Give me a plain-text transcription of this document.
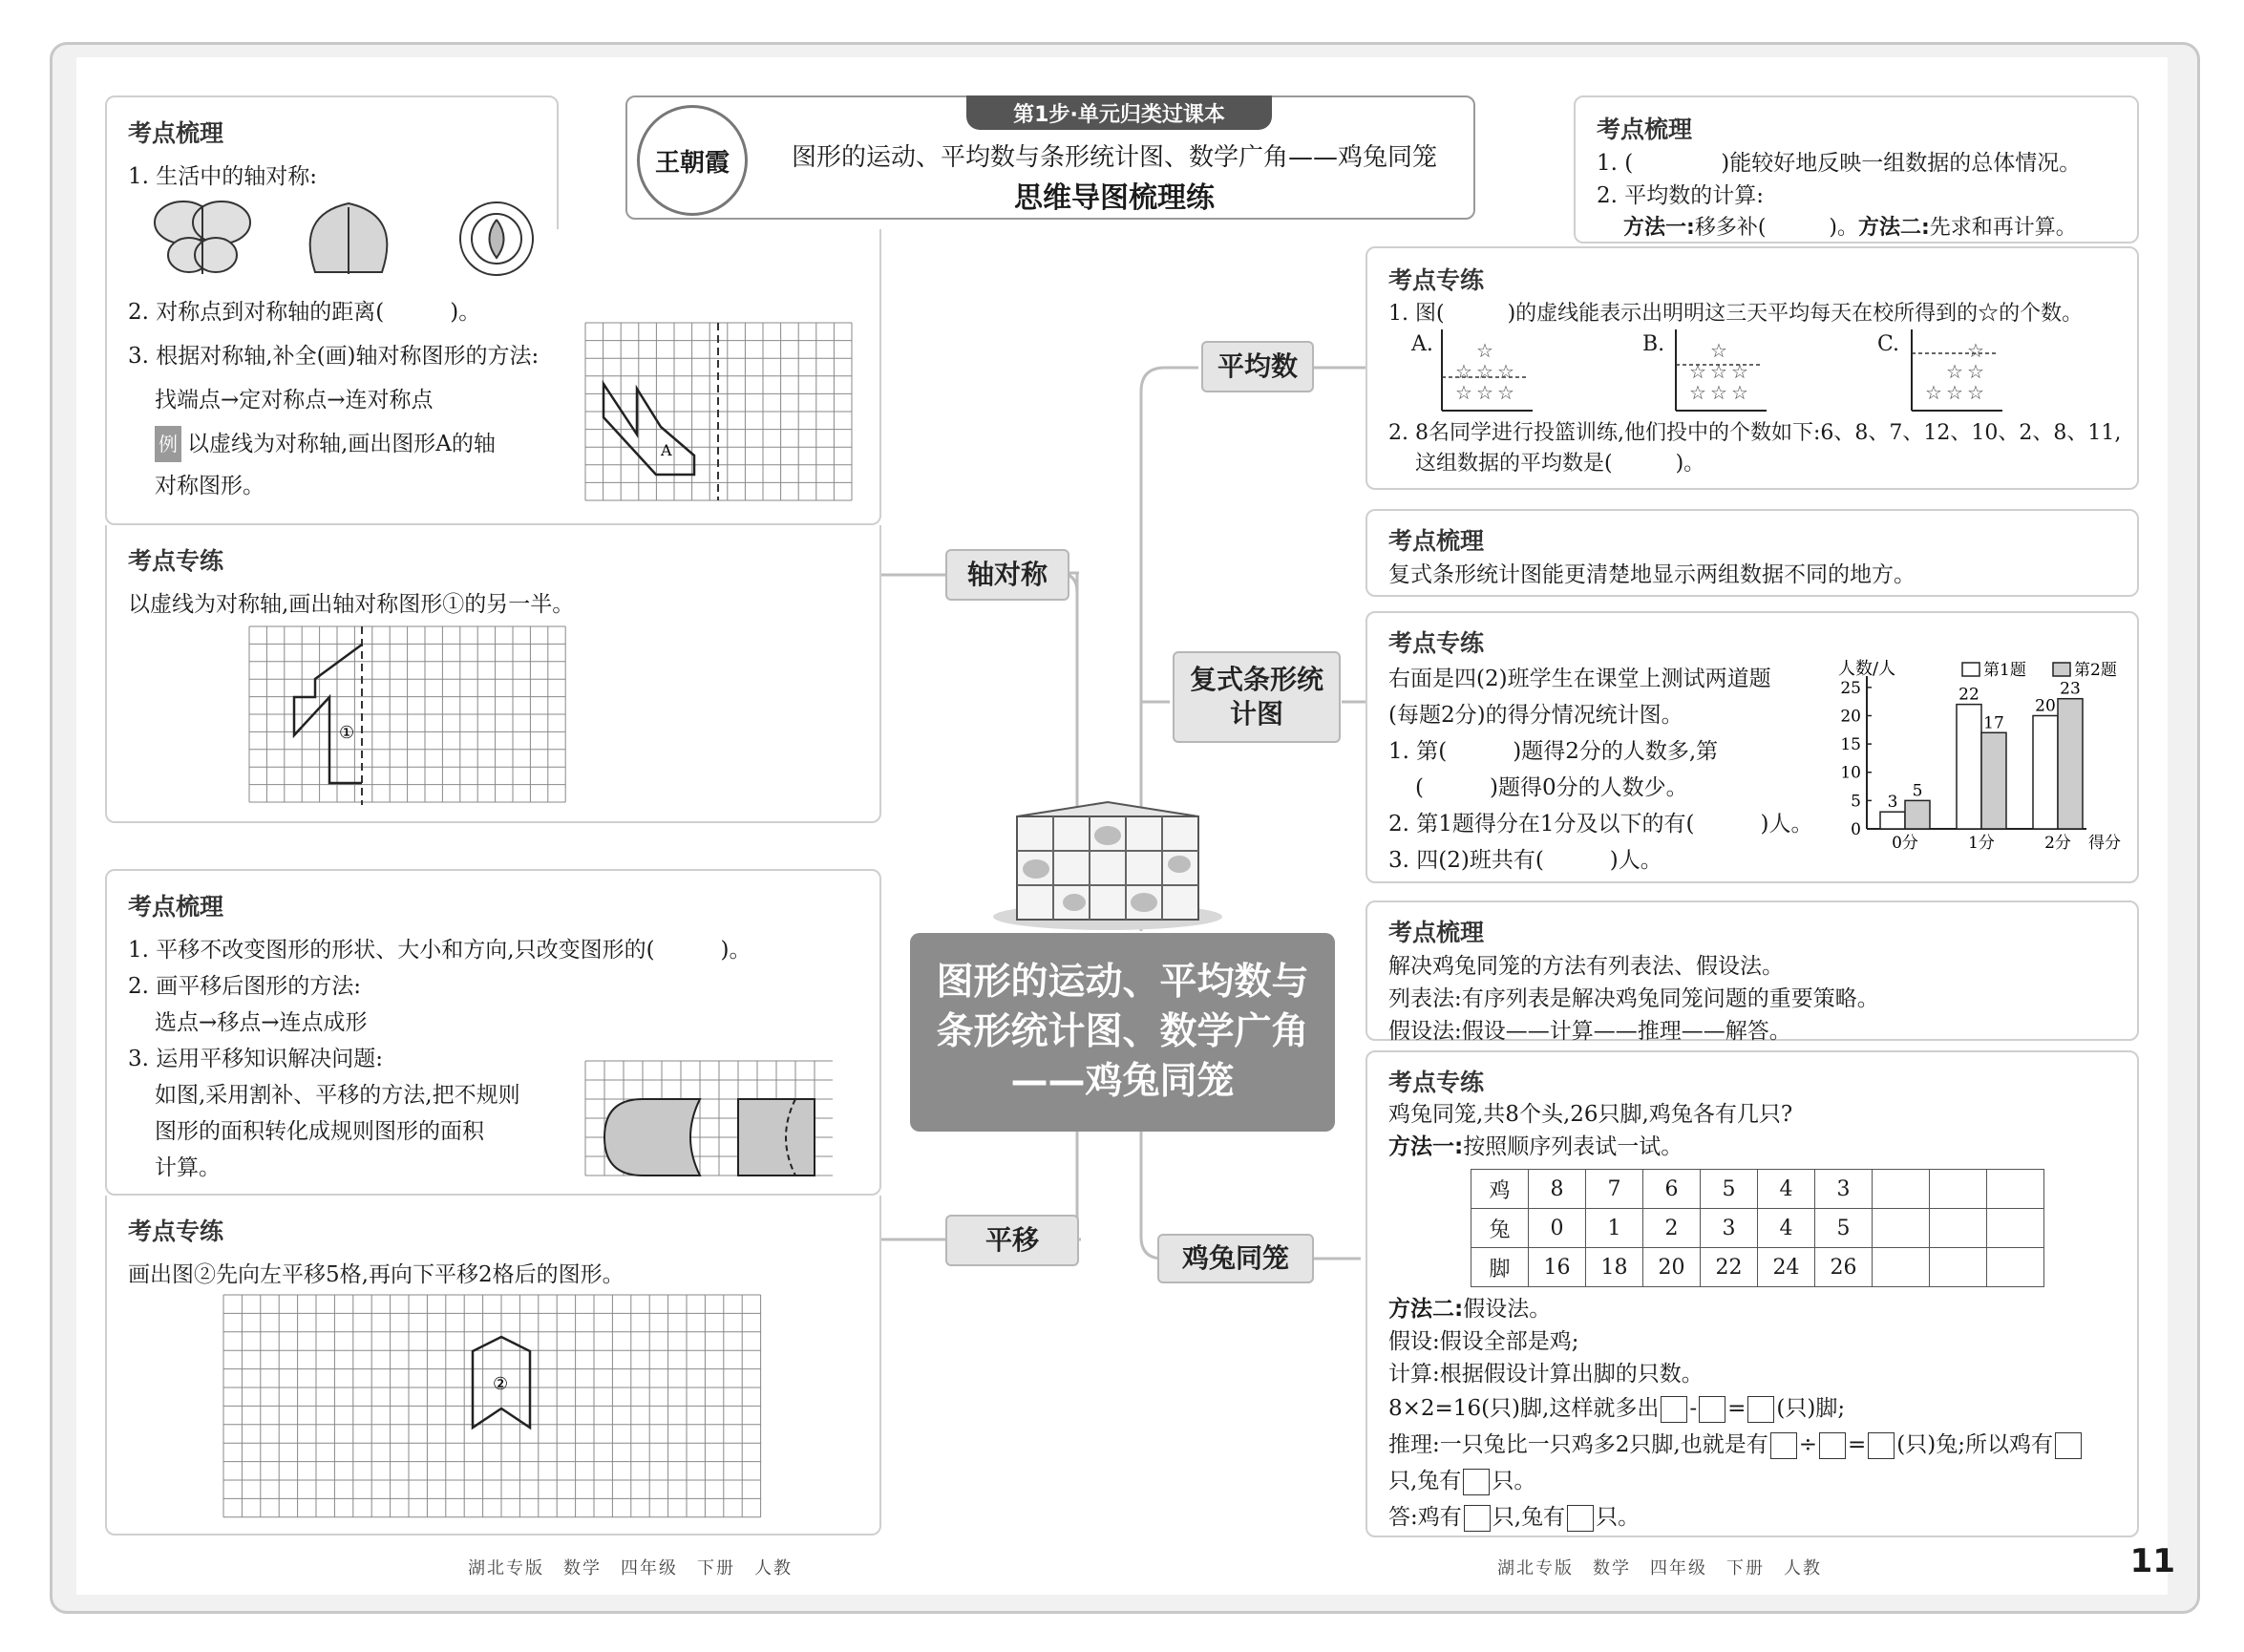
王朝霞
第1步·单元归类过课本
图形的运动、平均数与条形统计图、数学广角——鸡兔同笼
思维导图梳理练
考点梳理
1. 生活中的轴对称:
2. 对称点到对称轴的距离(　　　)。
3. 根据对称轴,补全(画)轴对称图形的方法:
找端点→定对称点→连对称点
例 以虚线为对称轴,画出图形A的轴
对称图形。
A
考点专练
以虚线为对称轴,画出轴对称图形①的另一半。
①
考点梳理
1. 平移不改变图形的形状、大小和方向,只改变图形的(　　　)。
2. 画平移后图形的方法:
选点→移点→连点成形
3. 运用平移知识解决问题:
如图,采用割补、平移的方法,把不规则
图形的面积转化成规则图形的面积
计算。
考点专练
画出图②先向左平移5格,再向下平移2格后的图形。
②
轴对称
平移
平均数
复式条形统计图
鸡兔同笼
图形的运动、平均数与条形统计图、数学广角——鸡兔同笼
考点梳理
1. (　　　　)能较好地反映一组数据的总体情况。
2. 平均数的计算:
方法一:移多补(　　　)。方法二:先求和再计算。
考点专练
1. 图(　　　)的虚线能表示出明明这三天平均每天在校所得到的☆的个数。
2. 8名同学进行投篮训练,他们投中的个数如下:6、8、7、12、10、2、8、11,
这组数据的平均数是(　　　)。
☆
☆ ☆ ☆
☆ ☆ ☆
☆
☆ ☆ ☆
☆ ☆ ☆
☆
☆ ☆
☆ ☆ ☆
A.	B.	C.
考点梳理
复式条形统计图能更清楚地显示两组数据不同的地方。
考点专练
右面是四(2)班学生在课堂上测试两道题
(每题2分)的得分情况统计图。
1. 第(　　　)题得2分的人数多,第
(　　　)题得0分的人数少。
2. 第1题得分在1分及以下的有(　　　)人。
3. 四(2)班共有(　　　)人。
人数/人
0
5
10
15
20
25
3
5
0分
22
17
1分
20
23
2分 得分
第1题	第2题
考点梳理
解决鸡兔同笼的方法有列表法、假设法。
列表法:有序列表是解决鸡兔同笼问题的重要策略。
假设法:假设——计算——推理——解答。
考点专练
鸡兔同笼,共8个头,26只脚,鸡兔各有几只?
方法一:按照顺序列表试一试。
鸡	8	7	6	5	4	3			
兔	0	1	2	3	4	5			
脚	16	18	20	22	24	26			
方法二:假设法。
假设:假设全部是鸡;
计算:根据假设计算出脚的只数。
8×2=16(只)脚,这样就多出 - = (只)脚;
推理:一只兔比一只鸡多2只脚,也就是有 ÷ = (只)兔;所以鸡有
只,兔有 只。
答:鸡有 只,兔有 只。
湖北专版　数学　四年级　下册　人教	湖北专版　数学　四年级　下册　人教	11
